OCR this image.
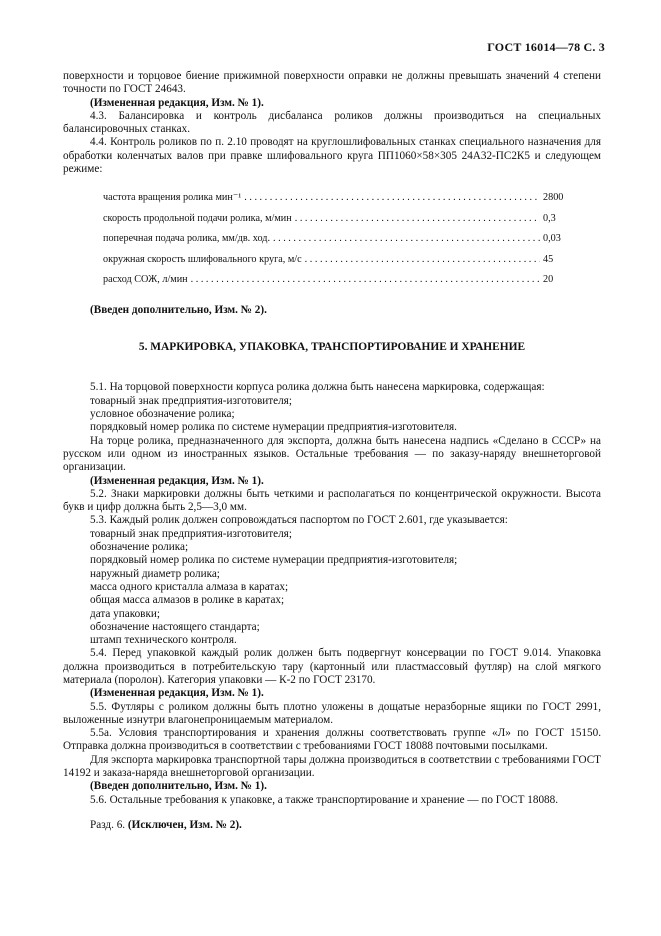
ГОСТ 16014—78 С. 3
поверхности и торцовое биение прижимной поверхности оправки не должны превышать значений 4 степени точности по ГОСТ 24643.
(Измененная редакция, Изм. № 1).
4.3. Балансировка и контроль дисбаланса роликов должны производиться на специальных балансировочных станках.
4.4. Контроль роликов по п. 2.10 проводят на круглошлифовальных станках специального назначения для обработки коленчатых валов при правке шлифовального круга ПП1060×58×305 24А32-ПС2К5 и следующем режиме:
частота вращения ролика мин⁻¹ . . .	2800
скорость продольной подачи ролика, м/мин . . .	0,3
поперечная подача ролика, мм/дв. ход. . . .	0,03
окружная скорость шлифовального круга, м/с . . .	45
расход СОЖ, л/мин . . .	20
(Введен дополнительно, Изм. № 2).
5. МАРКИРОВКА, УПАКОВКА, ТРАНСПОРТИРОВАНИЕ И ХРАНЕНИЕ
5.1. На торцовой поверхности корпуса ролика должна быть нанесена маркировка, содержащая:
товарный знак предприятия-изготовителя;
условное обозначение ролика;
порядковый номер ролика по системе нумерации предприятия-изготовителя.
На торце ролика, предназначенного для экспорта, должна быть нанесена надпись «Сделано в СССР» на русском или одном из иностранных языков. Остальные требования — по заказу-наряду внешнеторговой организации.
(Измененная редакция, Изм. № 1).
5.2. Знаки маркировки должны быть четкими и располагаться по концентрической окружности. Высота букв и цифр должна быть 2,5—3,0 мм.
5.3. Каждый ролик должен сопровождаться паспортом по ГОСТ 2.601, где указывается:
товарный знак предприятия-изготовителя;
обозначение ролика;
порядковый номер ролика по системе нумерации предприятия-изготовителя;
наружный диаметр ролика;
масса одного кристалла алмаза в каратах;
общая масса алмазов в ролике в каратах;
дата упаковки;
обозначение настоящего стандарта;
штамп технического контроля.
5.4. Перед упаковкой каждый ролик должен быть подвергнут консервации по ГОСТ 9.014. Упаковка должна производиться в потребительскую тару (картонный или пластмассовый футляр) на слой мягкого материала (поролон). Категория упаковки — К-2 по ГОСТ 23170.
(Измененная редакция, Изм. № 1).
5.5. Футляры с роликом должны быть плотно уложены в дощатые неразборные ящики по ГОСТ 2991, выложенные изнутри влагонепроницаемым материалом.
5.5а. Условия транспортирования и хранения должны соответствовать группе «Л» по ГОСТ 15150. Отправка должна производиться в соответствии с требованиями ГОСТ 18088 почтовыми посылками.
Для экспорта маркировка транспортной тары должна производиться в соответствии с требованиями ГОСТ 14192 и заказа-наряда внешнеторговой организации.
(Введен дополнительно, Изм. № 1).
5.6. Остальные требования к упаковке, а также транспортирование и хранение — по ГОСТ 18088.
Разд. 6. (Исключен, Изм. № 2).
